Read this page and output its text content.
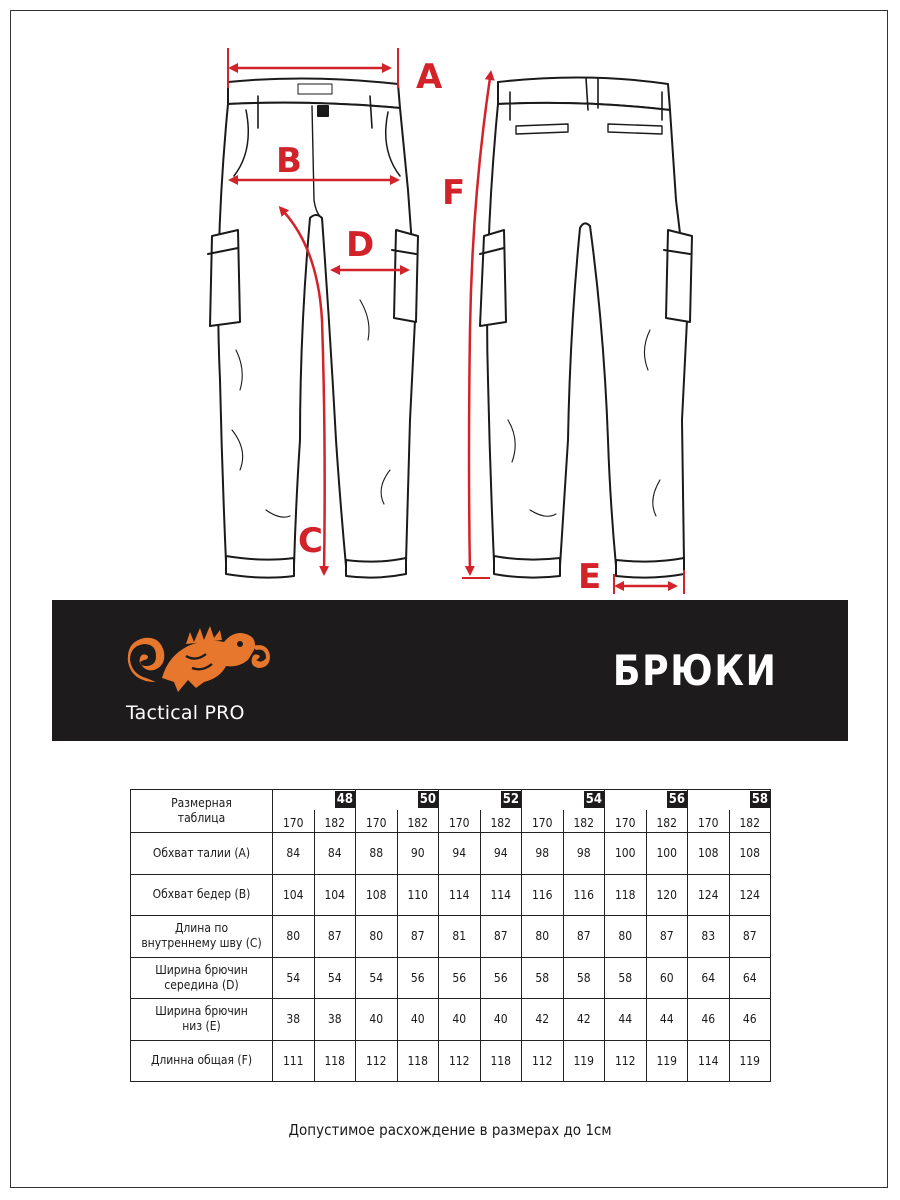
A
B
D
C
F
E
Tactical PRO
БРЮКИ
Размерная
таблица	48		50		52		54		56		58	
	170	182	170	182	170	182	170	182	170	182	170	182

Обхват талии (A)	84	84	88	90	94	94	98	98	100	100	108	108

Обхват бедер (B)	104	104	108	110	114	114	116	116	118	120	124	124

Длина по
внутреннему шву (C)	80	87	80	87	81	87	80	87	80	87	83	87

Ширина брючин
середина (D)	54	54	54	56	56	56	58	58	58	60	64	64

Ширина брючин
низ (E)	38	38	40	40	40	40	42	42	44	44	46	46

Длинна общая (F)	111	118	112	118	112	118	112	119	112	119	114	119
Допустимое расхождение в размерах до 1см
